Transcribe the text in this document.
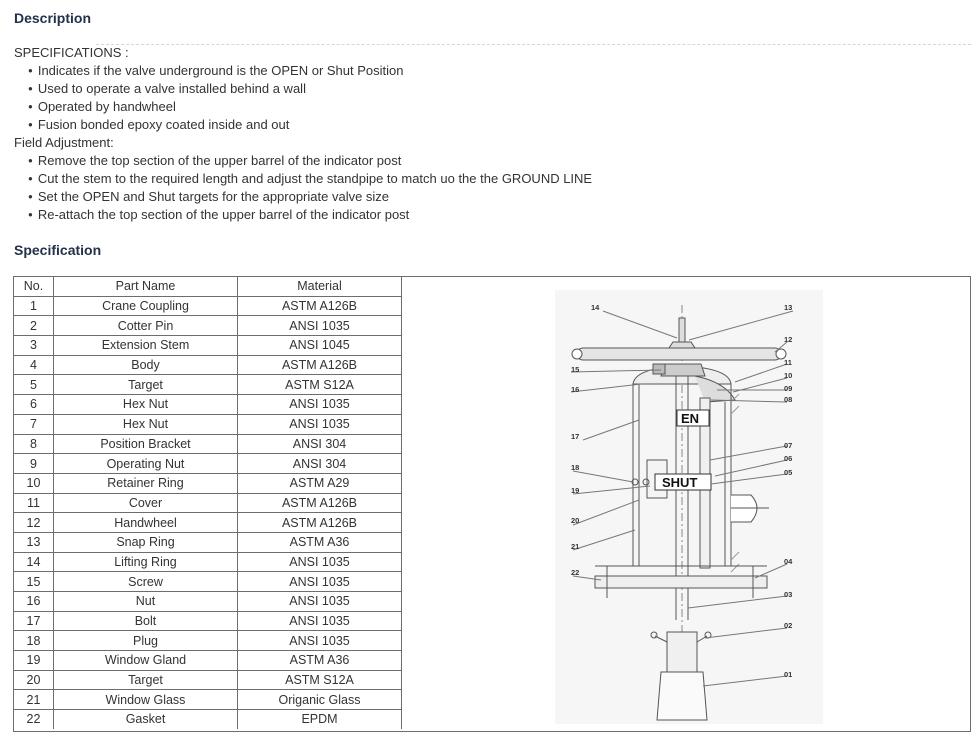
Description
SPECIFICATIONS :
● Indicates if the valve underground is the OPEN or Shut Position
● Used to operate a valve installed behind a wall
● Operated by handwheel
● Fusion bonded epoxy coated inside and out
Field Adjustment:
● Remove the top section of the upper barrel of the indicator post
● Cut the stem to the required length and adjust the standpipe to match uo the the GROUND LINE
● Set the OPEN and Shut targets for the appropriate valve size
● Re-attach the top section of the upper barrel of the indicator post
Specification
No.	Part Name	Material
1	Crane Coupling	ASTM A126B
2	Cotter Pin	ANSI 1035
3	Extension Stem	ANSI 1045
4	Body	ASTM A126B
5	Target	ASTM S12A
6	Hex Nut	ANSI 1035
7	Hex Nut	ANSI 1035
8	Position Bracket	ANSI 304
9	Operating Nut	ANSI 304
10	Retainer Ring	ASTM A29
11	Cover	ASTM A126B
12	Handwheel	ASTM A126B
13	Snap Ring	ASTM A36
14	Lifting Ring	ANSI 1035
15	Screw	ANSI 1035
16	Nut	ANSI 1035
17	Bolt	ANSI 1035
18	Plug	ANSI 1035
19	Window Gland	ASTM A36
20	Target	ASTM S12A
21	Window Glass	Origanic Glass
22	Gasket	EPDM
EN
SHUT
14
15
16
17
18
19
20
21
22
13
12
11
10
09
08
07
06
05
04
03
02
01
